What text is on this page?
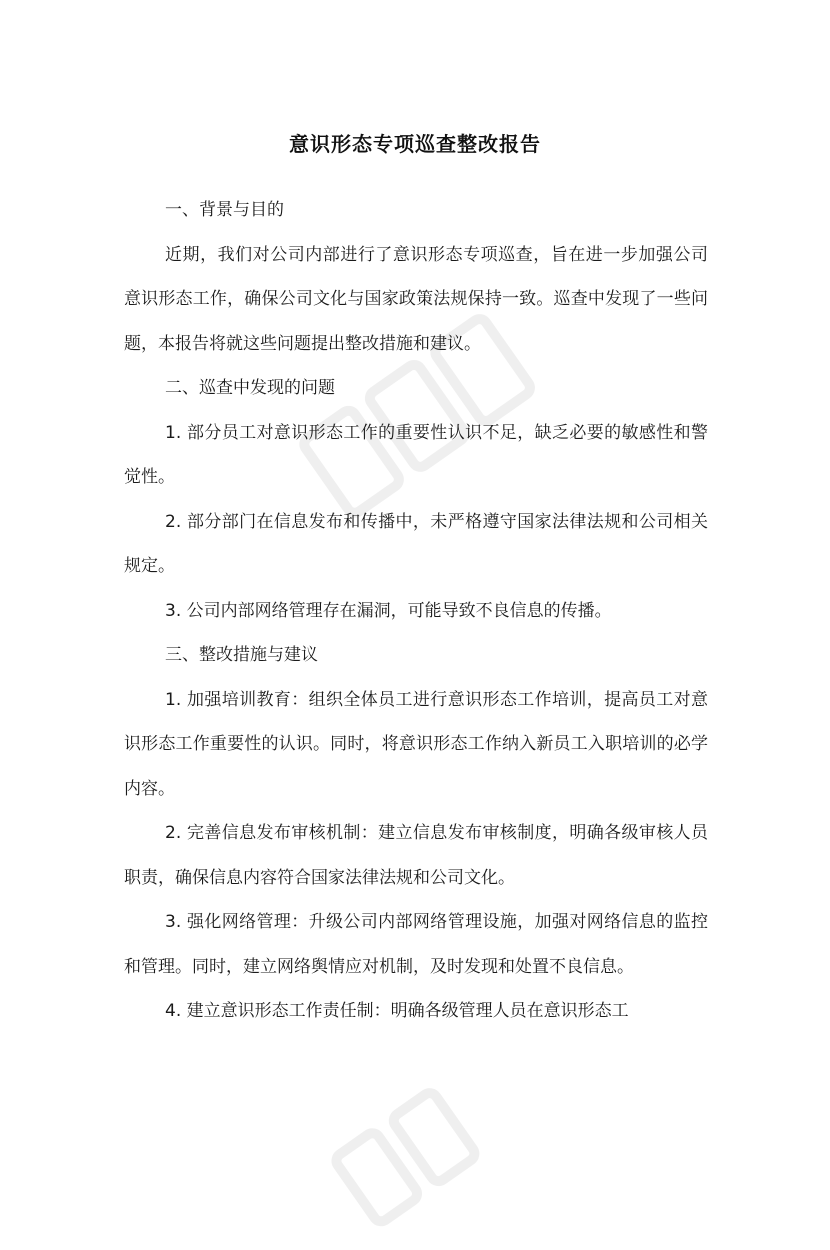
意识形态专项巡查整改报告

一、背景与目的

近期，我们对公司内部进行了意识形态专项巡查，旨在进一步加强公司意识形态工作，确保公司文化与国家政策法规保持一致。巡查中发现了一些问题，本报告将就这些问题提出整改措施和建议。

二、巡查中发现的问题

1. 部分员工对意识形态工作的重要性认识不足，缺乏必要的敏感性和警觉性。

2. 部分部门在信息发布和传播中，未严格遵守国家法律法规和公司相关规定。

3. 公司内部网络管理存在漏洞，可能导致不良信息的传播。

三、整改措施与建议

1. 加强培训教育：组织全体员工进行意识形态工作培训，提高员工对意识形态工作重要性的认识。同时，将意识形态工作纳入新员工入职培训的必学内容。

2. 完善信息发布审核机制：建立信息发布审核制度，明确各级审核人员职责，确保信息内容符合国家法律法规和公司文化。

3. 强化网络管理：升级公司内部网络管理设施，加强对网络信息的监控和管理。同时，建立网络舆情应对机制，及时发现和处置不良信息。

4. 建立意识形态工作责任制：明确各级管理人员在意识形态工
